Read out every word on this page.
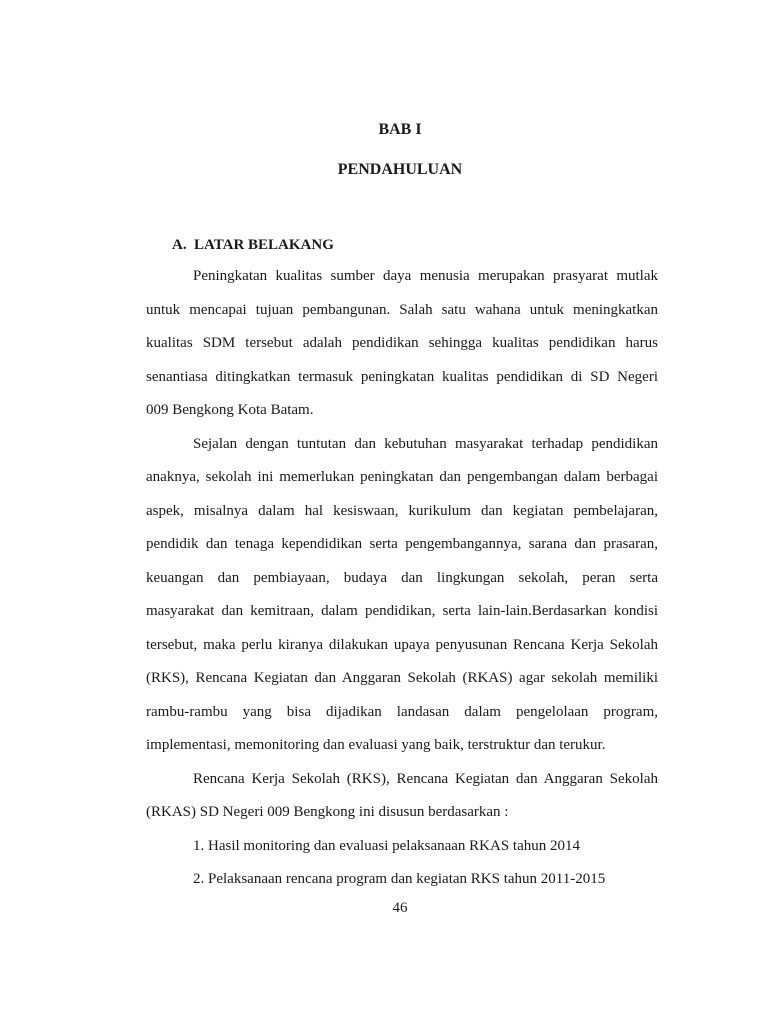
BAB I
PENDAHULUAN
A. LATAR BELAKANG
Peningkatan kualitas sumber daya menusia merupakan prasyarat mutlak
untuk mencapai tujuan pembangunan. Salah satu wahana untuk meningkatkan
kualitas SDM tersebut adalah pendidikan sehingga kualitas pendidikan harus
senantiasa ditingkatkan termasuk peningkatan kualitas pendidikan di SD Negeri
009 Bengkong Kota Batam.
Sejalan dengan tuntutan dan kebutuhan masyarakat terhadap pendidikan
anaknya, sekolah ini memerlukan peningkatan dan pengembangan dalam berbagai
aspek, misalnya dalam hal kesiswaan, kurikulum dan kegiatan pembelajaran,
pendidik dan tenaga kependidikan serta pengembangannya, sarana dan prasaran,
keuangan dan pembiayaan, budaya dan lingkungan sekolah, peran serta
masyarakat dan kemitraan, dalam pendidikan, serta lain-lain.Berdasarkan kondisi
tersebut, maka perlu kiranya dilakukan upaya penyusunan Rencana Kerja Sekolah
(RKS), Rencana Kegiatan dan Anggaran Sekolah (RKAS) agar sekolah memiliki
rambu-rambu yang bisa dijadikan landasan dalam pengelolaan program,
implementasi, memonitoring dan evaluasi yang baik, terstruktur dan terukur.
Rencana Kerja Sekolah (RKS), Rencana Kegiatan dan Anggaran Sekolah
(RKAS) SD Negeri 009 Bengkong ini disusun berdasarkan :
1. Hasil monitoring dan evaluasi pelaksanaan RKAS tahun 2014
2. Pelaksanaan rencana program dan kegiatan RKS tahun 2011-2015
46
